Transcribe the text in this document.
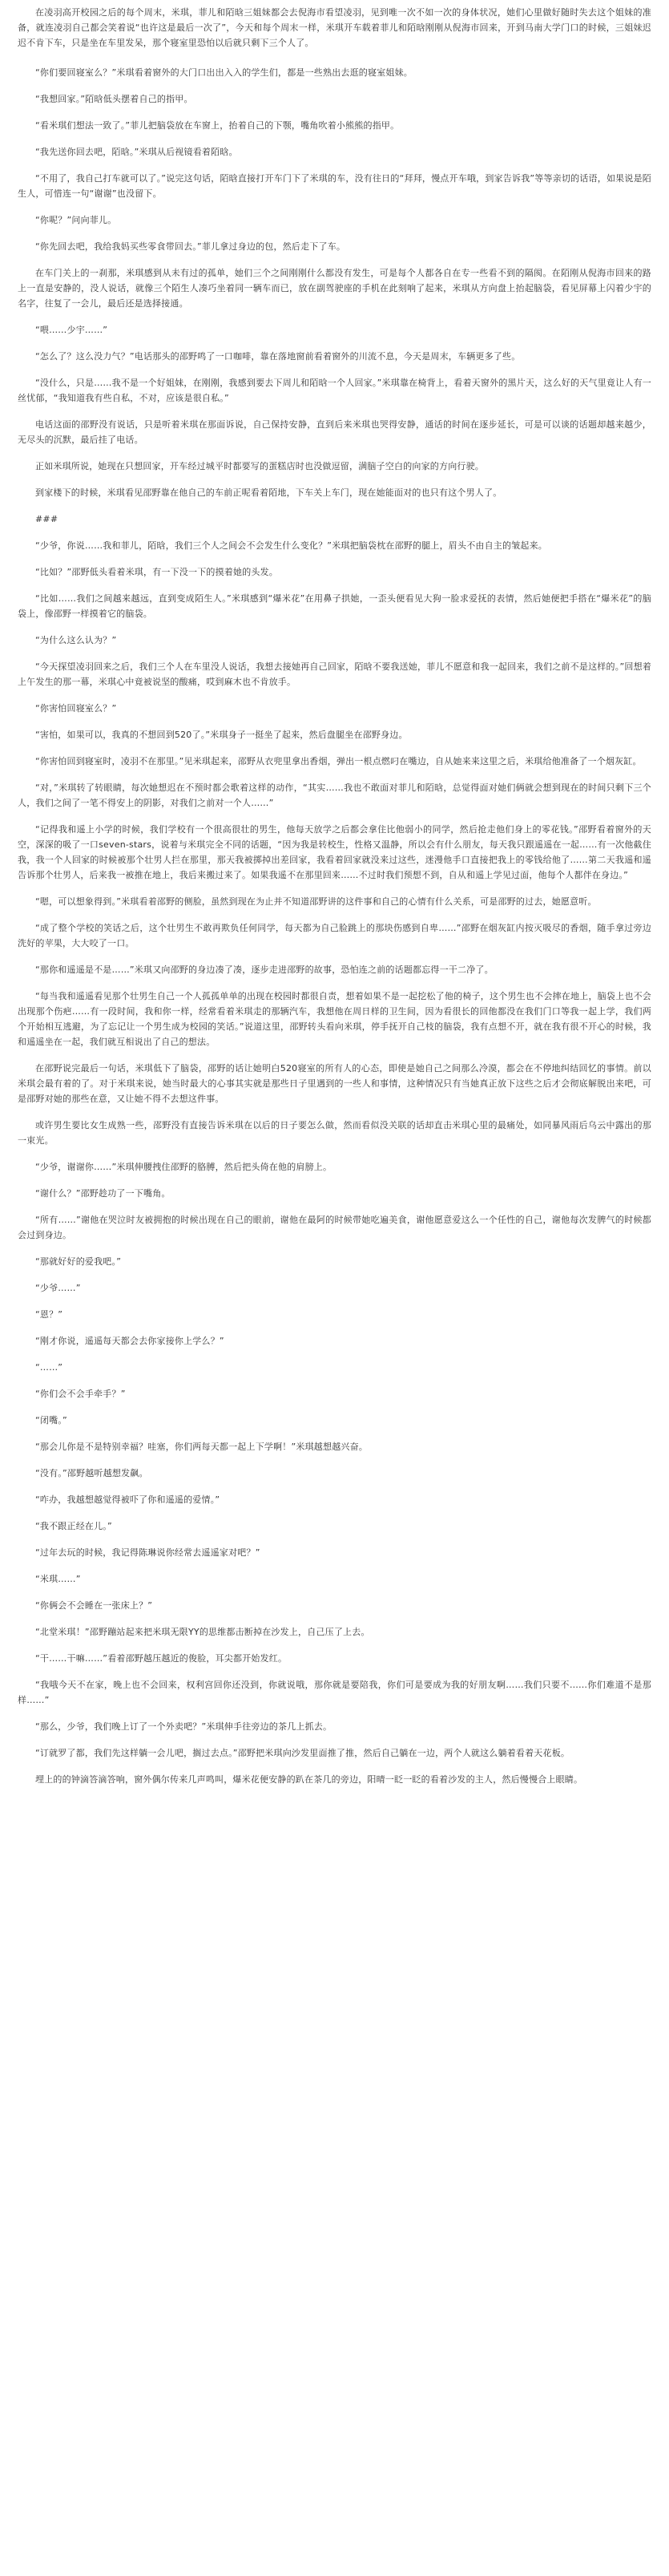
在凌羽高开校园之后的每个周末，米琪，菲儿和陌晗三姐妹都会去倪海市看望凌羽，见到唯一次不如一次的身体状况，她们心里做好随时失去这个姐妹的准备，就连凌羽自己都会笑着说“也许这是最后一次了”，今天和每个周末一样，米琪开车载着菲儿和陌晗刚刚从倪海市回来，开到马南大学门口的时候，三姐妹迟迟不肯下车，只是坐在车里发呆，那个寝室里恐怕以后就只剩下三个人了。

“你们要回寝室么？”米琪看着窗外的大门口出出入入的学生们，都是一些熟出去逛的寝室姐妹。

“我想回家。”陌晗低头摆着自己的指甲。

“看米琪们想法一致了。”菲儿把脑袋放在车窗上，抬着自己的下颚，嘴角吹着小熊熊的指甲。

“我先送你回去吧，陌晗。”米琪从后视镜看着陌晗。

“不用了，我自己打车就可以了。”说完这句话，陌晗直接打开车门下了米琪的车，没有往日的“拜拜，慢点开车哦，到家告诉我”等等亲切的话语，如果说是陌生人，可惜连一句“谢谢”也没留下。

“你呢？”问向菲儿。

“你先回去吧，我给我妈买些零食带回去。”菲儿拿过身边的包，然后走下了车。

在车门关上的一刹那，米琪感到从未有过的孤单，她们三个之间刚刚什么都没有发生，可是每个人都各自在专一些看不到的隔阂。在陌刚从倪海市回来的路上一直是安静的，没人说话，就像三个陌生人凑巧坐着同一辆车而已，放在副驾驶座的手机在此刻响了起来，米琪从方向盘上抬起脑袋，看见屏幕上闪着少宇的名字，往复了一会儿，最后还是选择接通。

“喂……少宇……”

“怎么了？这么没力气？”电话那头的邵野鸣了一口咖啡，靠在落地窗前看着窗外的川流不息，今天是周末，车辆更多了些。

“没什么，只是……我不是一个好姐妹，在刚刚，我感到要去下周儿和陌晗一个人回家。”米琪靠在椅背上，看着天窗外的黑片天，这么好的天气里竟让人有一丝忧郁，“我知道我有些自私，不对，应该是很自私。”

电话这面的邵野没有说话，只是听着米琪在那面诉说，自己保持安静，直到后来米琪也哭得安静，通话的时间在逐步延长，可是可以谈的话题却越来越少，无尽头的沉默，最后挂了电话。

正如米琪所说，她现在只想回家，开车经过城平时都要写的蛋糕店时也没做逗留，满脑子空白的向家的方向行驶。

到家楼下的时候，米琪看见邵野靠在他自己的车前正呢看着陌地，下车关上车门，现在她能面对的也只有这个男人了。

###

“少爷，你说……我和菲儿，陌晗，我们三个人之间会不会发生什么变化？”米琪把脑袋枕在邵野的腿上，眉头不由自主的皱起来。

“比如？”邵野低头看着米琪，有一下没一下的摸着她的头发。

“比如……我们之间越来越远，直到变成陌生人。”米琪感到“爆米花”在用鼻子拱她，一歪头便看见大狗一脸求爱抚的表情，然后她便把手搭在“爆米花”的脑袋上，像邵野一样摸着它的脑袋。

“为什么这么认为？”

“今天探望凌羽回来之后，我们三个人在车里没人说话，我想去接她再自己回家，陌晗不要我送她，菲儿不愿意和我一起回来，我们之前不是这样的。”回想着上午发生的那一幕，米琪心中竟被说坚的酸痛，哎到麻木也不肯放手。

“你害怕回寝室么？”

“害怕，如果可以，我真的不想回到520了。”米琪身子一挺坐了起来，然后盘腿坐在邵野身边。

“你害怕回到寝室时，凌羽不在那里。”见米琪起来，邵野从衣兜里拿出香烟，弹出一根点燃叼在嘴边，自从她来来这里之后，米琪给他准备了一个烟灰缸。

“对，”米琪转了转眼睛，每次她想迟在不预时都会歌着这样的动作，“其实……我也不敢面对菲儿和陌晗，总觉得面对她们俩就会想到现在的时间只剩下三个人，我们之间了一笔不得安上的阴影，对我们之前对一个人……”

“记得我和遥上小学的时候，我们学校有一个很高很壮的男生，他每天放学之后都会拿住比他弱小的同学，然后抢走他们身上的零花钱。”邵野看着窗外的天空，深深的吸了一口seven-stars，说着与米琪完全不同的话题，“因为我是转校生，性格又温静，所以会有什么朋友，每天我只跟遥遥在一起……有一次他截住我，我一个人回家的时候被那个壮男人拦在那里，那天我被掷掉出差回家，我看着回家就没来过这些，迷漫他手口直接把我上的零钱给他了……第二天我遥和遥告诉那个壮男人，后来我一被推在地上，我后来搬过来了。如果我遥不在那里回来……不过时我们预想不到，自从和遥上学见过面，他每个人都伴在身边。”

“嗯，可以想象得到。”米琪看着邵野的侧脸，虽然到现在为止并不知道邵野讲的这件事和自己的心情有什么关系，可是邵野的过去，她愿意听。

“成了整个学校的笑话之后，这个壮男生不敢再欺负任何同学，每天都为自己脸跳上的那块伤感到自卑……”邵野在烟灰缸内按灭吸尽的香烟，随手拿过旁边洗好的苹果，大大咬了一口。

“那你和遥遥是不是……”米琪又向邵野的身边凑了凑，逐步走进邵野的故事，恐怕连之前的话题都忘得一干二净了。

“每当我和遥遥看见那个壮男生自己一个人孤孤单单的出现在校园时都很自责，想着如果不是一起挖松了他的椅子，这个男生也不会摔在地上，脑袋上也不会出现那个伤疤……有一段时间，我和你一样，经常看着米琪走的那辆汽车，我想他在周日样的卫生间，因为看很长的回他都没在我们门口等我一起上学，我们两个开始相互逃避，为了忘记让一个男生成为校园的笑话。”说道这里，邵野转头看向米琪，停手抚开自己枝的脑袋，我有点想不开，就在我有很不开心的时候，我和遥遥坐在一起，我们就互相说出了自己的想法。

在邵野说完最后一句话，米琪低下了脑袋，邵野的话让她明白520寝室的所有人的心态，即使是她自己之间那么冷漠，都会在不停地纠结回忆的事情。前以米琪会最有着的了。对于米琪来说，她当时最大的心事其实就是那些日子里遇到的一些人和事情，这种情况只有当她真正放下这些之后才会彻底解脱出来吧，可是邵野对她的那些在意，又让她不得不去想这件事。

或许男生要比女生成熟一些，邵野没有直接告诉米琪在以后的日子要怎么做，然而看似没关联的话却直击米琪心里的最痛处，如同暴风雨后乌云中露出的那一束光。

“少爷，谢谢你……”米琪伸腰拽住邵野的胳膊，然后把头倚在他的肩膀上。

“谢什么？”邵野趁功了一下嘴角。

“所有……”谢他在哭泣时友被拥抱的时候出现在自己的眼前，谢他在最阿的时候带她吃遍美食，谢他愿意爱这么一个任性的自己，谢他每次发脾气的时候都会过到身边。

“那就好好的爱我吧。”

“少爷……”

“恩？”

“刚才你说，遥遥每天都会去你家接你上学么？”

“……”

“你们会不会手牵手？”

“闭嘴。”

“那会儿你是不是特别幸福？哇塞，你们两每天都一起上下学啊！”米琪越想越兴奋。

“没有。”邵野越听越想发飙。

“咋办，我越想越觉得被吓了你和遥遥的爱情。”

“我不跟正经在儿。”

“过年去玩的时候，我记得陈琳说你经常去遥遥家对吧？”

“米琪……”

“你俩会不会睡在一张床上？”

“北堂米琪！”邵野蹦站起来把米琪无限YY的思维都击断掉在沙发上，自己压了上去。

“干……干嘛……”看着邵野越压越近的俊脸，耳尖都开始发红。

“我哦今天不在家，晚上也不会回来，权利宫回你还没到，你就说哦，那你就是要陪我，你们可是要成为我的好朋友啊……我们只要不……你们难道不是那样……”

“那么，少爷，我们晚上订了一个外卖吧？”米琪伸手往旁边的茶几上抓去。

“订就罗了都，我们先这样躺一会儿吧，搁过去点。”邵野把米琪向沙发里面推了推，然后自己躺在一边，两个人就这么躺着看着天花板。

埋上的的钟滴答滴答响，窗外偶尔传来几声鸣叫，爆米花便安静的趴在茶几的旁边，阳晴一眨一眨的看着沙发的主人，然后慢慢合上眼睛。
